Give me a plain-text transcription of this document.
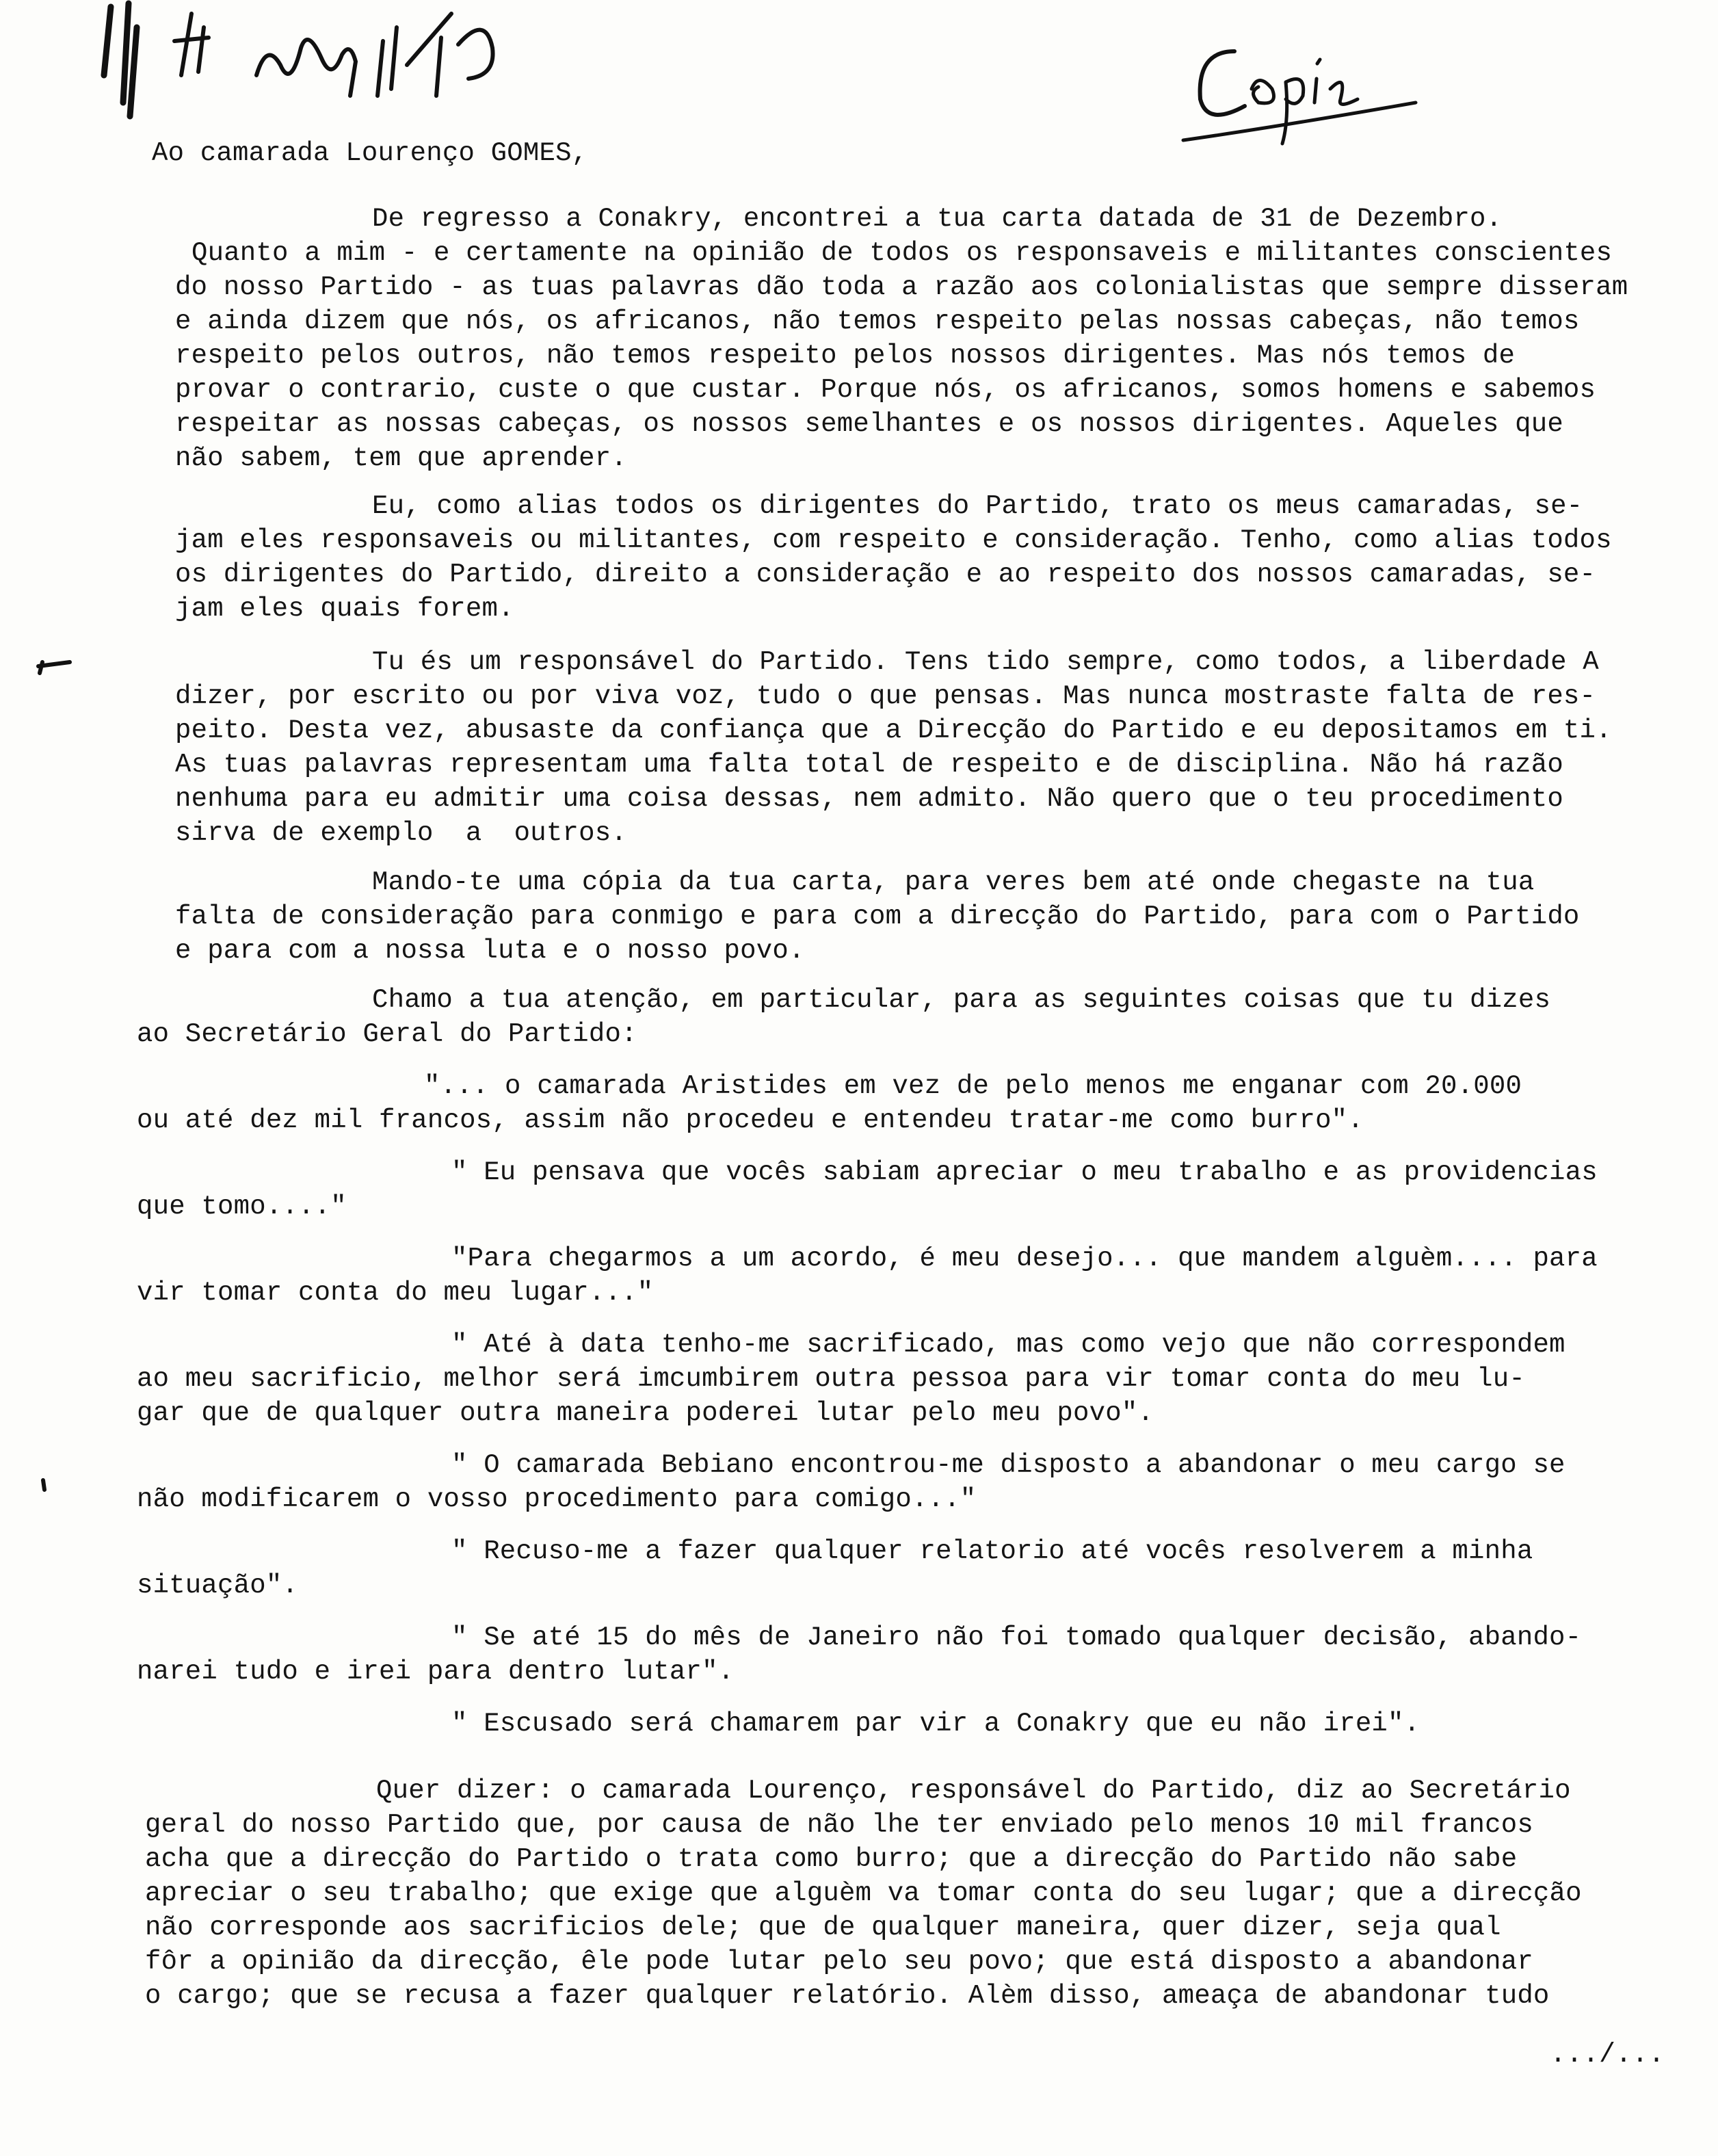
Ao camarada Lourenço GOMES,
De regresso a Conakry, encontrei a tua carta datada de 31 de Dezembro.
Quanto a mim - e certamente na opinião de todos os responsaveis e militantes conscientes
do nosso Partido - as tuas palavras dão toda a razão aos colonialistas que sempre disseram
e ainda dizem que nós, os africanos, não temos respeito pelas nossas cabeças, não temos
respeito pelos outros, não temos respeito pelos nossos dirigentes. Mas nós temos de
provar o contrario, custe o que custar. Porque nós, os africanos, somos homens e sabemos
respeitar as nossas cabeças, os nossos semelhantes e os nossos dirigentes. Aqueles que
não sabem, tem que aprender.
Eu, como alias todos os dirigentes do Partido, trato os meus camaradas, se-
jam eles responsaveis ou militantes, com respeito e consideração. Tenho, como alias todos
os dirigentes do Partido, direito a consideração e ao respeito dos nossos camaradas, se-
jam eles quais forem.
Tu és um responsável do Partido. Tens tido sempre, como todos, a liberdade A
dizer, por escrito ou por viva voz, tudo o que pensas. Mas nunca mostraste falta de res-
peito. Desta vez, abusaste da confiança que a Direcção do Partido e eu depositamos em ti.
As tuas palavras representam uma falta total de respeito e de disciplina. Não há razão
nenhuma para eu admitir uma coisa dessas, nem admito. Não quero que o teu procedimento
sirva de exemplo  a  outros.
Mando-te uma cópia da tua carta, para veres bem até onde chegaste na tua
falta de consideração para conmigo e para com a direcção do Partido, para com o Partido
e para com a nossa luta e o nosso povo.
Chamo a tua atenção, em particular, para as seguintes coisas que tu dizes
ao Secretário Geral do Partido:
"... o camarada Aristides em vez de pelo menos me enganar com 20.000
ou até dez mil francos, assim não procedeu e entendeu tratar-me como burro".
" Eu pensava que vocês sabiam apreciar o meu trabalho e as providencias
que tomo...."
"Para chegarmos a um acordo, é meu desejo... que mandem alguèm.... para
vir tomar conta do meu lugar..."
" Até à data tenho-me sacrificado, mas como vejo que não correspondem
ao meu sacrificio, melhor será imcumbirem outra pessoa para vir tomar conta do meu lu-
gar que de qualquer outra maneira poderei lutar pelo meu povo".
" O camarada Bebiano encontrou-me disposto a abandonar o meu cargo se
não modificarem o vosso procedimento para comigo..."
" Recuso-me a fazer qualquer relatorio até vocês resolverem a minha
situação".
" Se até 15 do mês de Janeiro não foi tomado qualquer decisão, abando-
narei tudo e irei para dentro lutar".
" Escusado será chamarem par vir a Conakry que eu não irei".
Quer dizer: o camarada Lourenço, responsável do Partido, diz ao Secretário
geral do nosso Partido que, por causa de não lhe ter enviado pelo menos 10 mil francos
acha que a direcção do Partido o trata como burro; que a direcção do Partido não sabe
apreciar o seu trabalho; que exige que alguèm va tomar conta do seu lugar; que a direcção
não corresponde aos sacrificios dele; que de qualquer maneira, quer dizer, seja qual
fôr a opinião da direcção, êle pode lutar pelo seu povo; que está disposto a abandonar
o cargo; que se recusa a fazer qualquer relatório. Alèm disso, ameaça de abandonar tudo
.../...
